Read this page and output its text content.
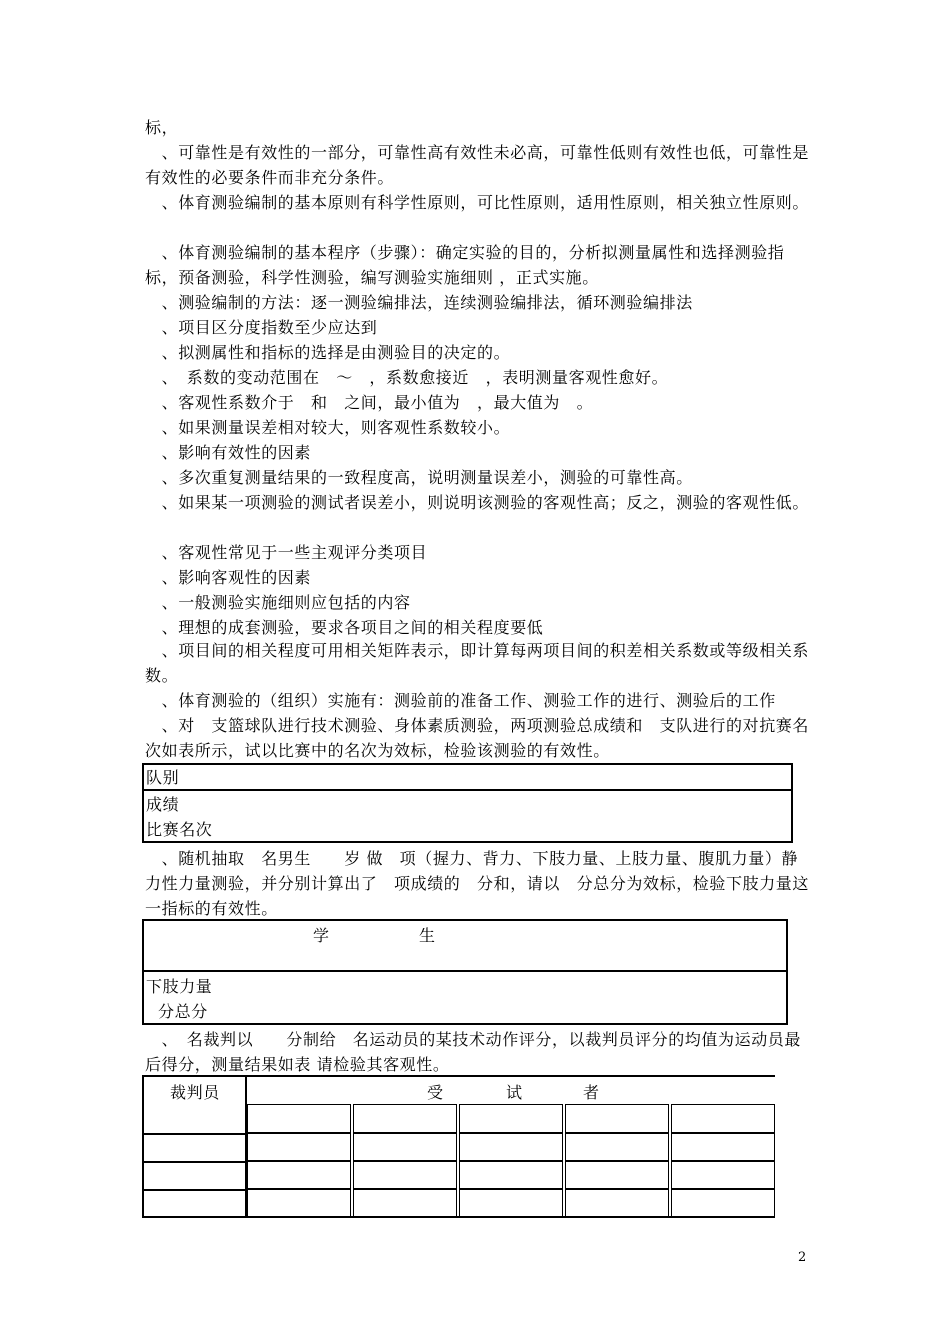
标，
　、可靠性是有效性的一部分，可靠性高有效性未必高，可靠性低则有效性也低，可靠性是有效性的必要条件而非充分条件。
　、体育测验编制的基本原则有科学性原则，可比性原则，适用性原则，相关独立性原则。
　、体育测验编制的基本程序（步骤）：确定实验的目的，分析拟测量属性和选择测验指标，预备测验，科学性测验，编写测验实施细则 ，正式实施。
　、测验编制的方法：逐一测验编排法，连续测验编排法，循环测验编排法
　、项目区分度指数至少应达到
　、拟测属性和指标的选择是由测验目的决定的。
　、　系数的变动范围在　～　，系数愈接近　，表明测量客观性愈好。
　、客观性系数介于　和　之间，最小值为　，最大值为　。
　、如果测量误差相对较大，则客观性系数较小。
　、影响有效性的因素
　、多次重复测量结果的一致程度高，说明测量误差小，测验的可靠性高。
　、如果某一项测验的测试者误差小，则说明该测验的客观性高；反之，测验的客观性低。
　、客观性常见于一些主观评分类项目
　、影响客观性的因素
　、一般测验实施细则应包括的内容
　、理想的成套测验，要求各项目之间的相关程度要低
　、项目间的相关程度可用相关矩阵表示，即计算每两项目间的积差相关系数或等级相关系数。
　、体育测验的（组织）实施有：测验前的准备工作、测验工作的进行、测验后的工作
　、对　支篮球队进行技术测验、身体素质测验，两项测验总成绩和　支队进行的对抗赛名次如表所示，试以比赛中的名次为效标，检验该测验的有效性。
队别
成绩
比赛名次
　、随机抽取　名男生　　岁 做　项（握力、背力、下肢力量、上肢力量、腹肌力量）静力性力量测验，并分别计算出了　项成绩的　分和，请以　分总分为效标，检验下肢力量这一指标的有效性。
学	生
下肢力量
分总分
　、　名裁判以　　分制给　名运动员的某技术动作评分，以裁判员评分的均值为运动员最后得分，测量结果如表 请检验其客观性。
裁判员	受	试	者
2
